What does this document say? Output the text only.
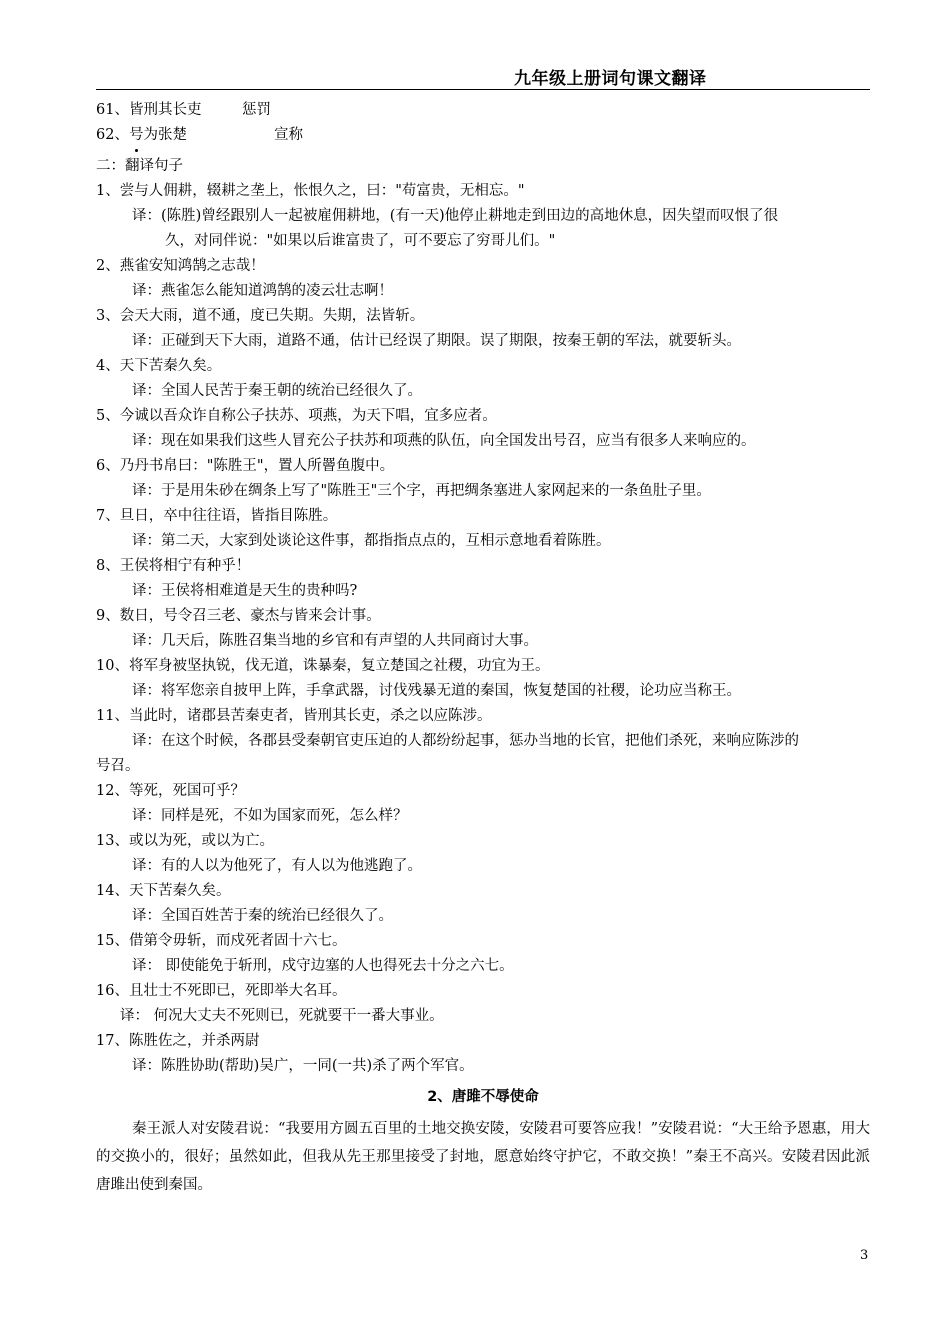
九年级上册词句课文翻译
61、皆刑其长吏	惩罚
62、号
为张楚	宣称
二：翻译句子
1、尝与人佣耕，辍耕之垄上，怅恨久之，曰："苟富贵，无相忘。"
译：(陈胜)曾经跟别人一起被雇佣耕地，(有一天)他停止耕地走到田边的高地休息，因失望而叹恨了很
久，对同伴说："如果以后谁富贵了，可不要忘了穷哥儿们。"
2、燕雀安知鸿鹄之志哉！
译：燕雀怎么能知道鸿鹄的凌云壮志啊！
3、会天大雨，道不通，度已失期。失期，法皆斩。
译：正碰到天下大雨，道路不通，估计已经误了期限。误了期限，按秦王朝的军法，就要斩头。
4、天下苦秦久矣。
译：全国人民苦于秦王朝的统治已经很久了。
5、今诚以吾众诈自称公子扶苏、项燕，为天下唱，宜多应者。
译：现在如果我们这些人冒充公子扶苏和项燕的队伍，向全国发出号召，应当有很多人来响应的。
6、乃丹书帛曰："陈胜王"，置人所罾鱼腹中。
译：于是用朱砂在绸条上写了"陈胜王"三个字，再把绸条塞进人家网起来的一条鱼肚子里。
7、旦日，卒中往往语，皆指目陈胜。
译：第二天，大家到处谈论这件事，都指指点点的，互相示意地看着陈胜。
8、王侯将相宁有种乎！
译：王侯将相难道是天生的贵种吗?
9、数日，号令召三老、豪杰与皆来会计事。
译：几天后，陈胜召集当地的乡官和有声望的人共同商讨大事。
10、将军身被坚执锐，伐无道，诛暴秦，复立楚国之社稷，功宜为王。
译：将军您亲自披甲上阵，手拿武器，讨伐残暴无道的秦国，恢复楚国的社稷，论功应当称王。
11、当此时，诸郡县苦秦吏者，皆刑其长吏，杀之以应陈涉。
译：在这个时候，各郡县受秦朝官吏压迫的人都纷纷起事，惩办当地的长官，把他们杀死，来响应陈涉的
号召。
12、等死，死国可乎？
译：同样是死，不如为国家而死，怎么样？
13、或以为死，或以为亡。
译：有的人以为他死了，有人以为他逃跑了。
14、天下苦秦久矣。
译：全国百姓苦于秦的统治已经很久了。
15、借第令毋斩，而戍死者固十六七。
译： 即使能免于斩刑，戍守边塞的人也得死去十分之六七。
16、且壮士不死即已，死即举大名耳。
译： 何况大丈夫不死则已，死就要干一番大事业。
17、陈胜佐之，并杀两尉
译：陈胜协助(帮助)吴广，一同(一共)杀了两个军官。
2、唐雎不辱使命
秦王派人对安陵君说：“我要用方圆五百里的土地交换安陵，安陵君可要答应我！”安陵君说：“大王给予恩惠，用大的交换小的，很好；虽然如此，但我从先王那里接受了封地，愿意始终守护它，不敢交换！”秦王不高兴。安陵君因此派唐雎出使到秦国。
3
